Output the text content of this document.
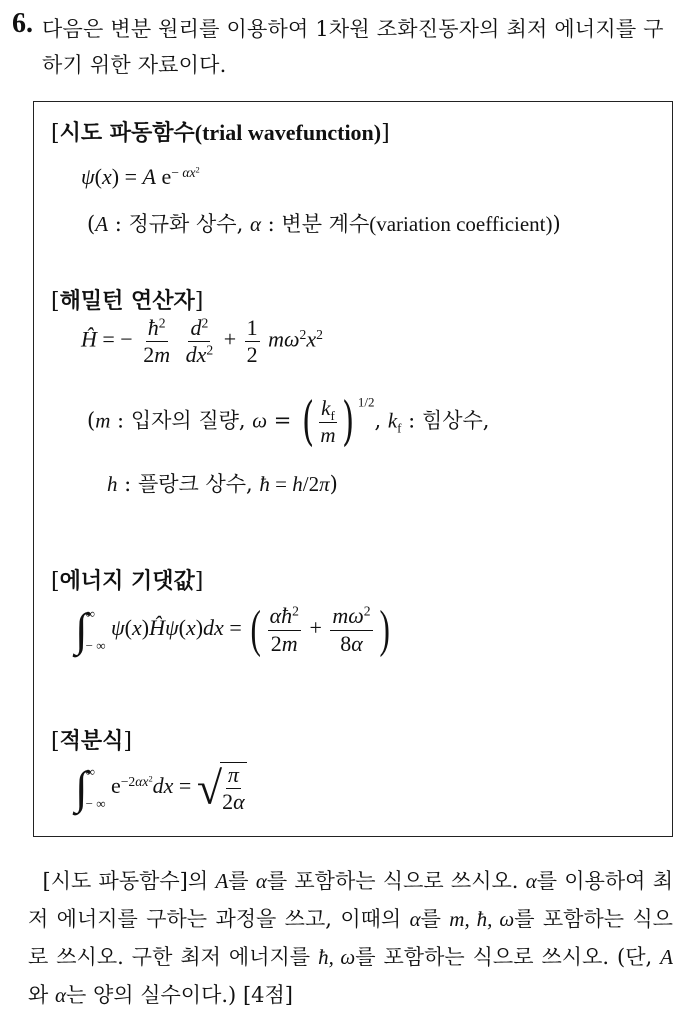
6. 다음은 변분 원리를 이용하여 1차원 조화진동자의 최저 에너지를 구하기 위한 자료이다.
[시도 파동함수(trial wavefunction)]
ψ(x) = A $e^{- \alpha x^2}$
(A : 정규화 상수, α : 변분 계수(variation coefficient))
[해밀턴 연산자]
Ĥ = − $\frac{ħ^2}{2m}$
$\frac{d^2}{dx^2} + \frac{1}{2} m\omega^2x^2$
(m : 입자의 질량, ω = ( $\frac{k_f}{m}$ ) $^{1/2}$, $k_f$ : 힘상수,
h : 플랑크 상수, ħ = h/2π)
[에너지 기댓값]
∫
∞
− ∞
ψ(x)Ĥψ(x)dx = ( $\frac{\alpha ħ^2}{2m} + \frac{m\omega^2}{8\alpha}$ )
[적분식]
∫
∞
− ∞
$e^{-2\alpha x^2}dx$ = √
$\frac{\pi}{2\alpha}$
[시도 파동함수]의 A를 α를 포함하는 식으로 쓰시오. α를 이용하여 최저 에너지를 구하는 과정을 쓰고, 이때의 α를 m, ħ, ω를 포함하는 식으로 쓰시오. 구한 최저 에너지를 ħ, ω를 포함하는 식으로 쓰시오. (단, A와 α는 양의 실수이다.) [4점]
